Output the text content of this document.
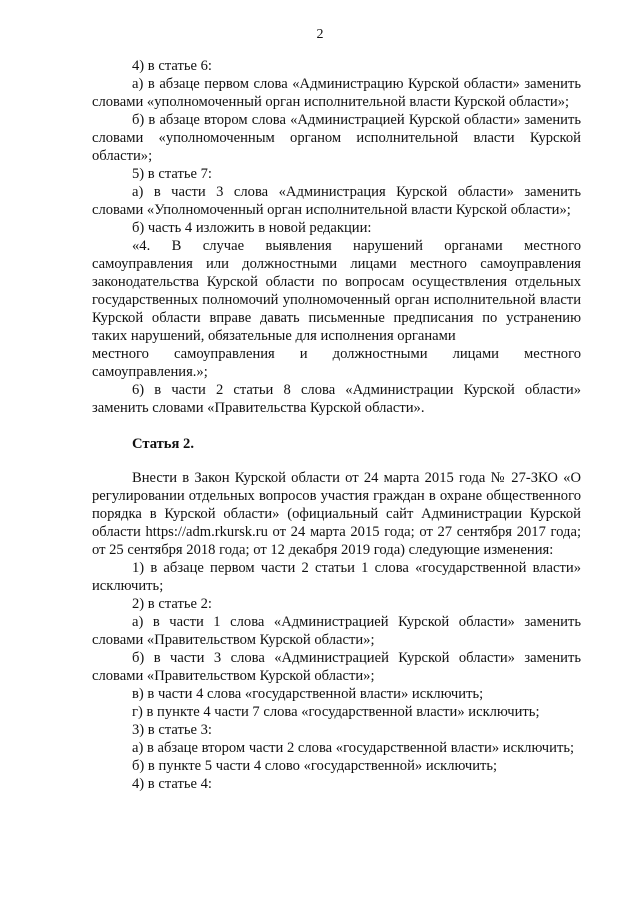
2

4) в статье 6:

а) в абзаце первом слова «Администрацию Курской области» заменить словами «уполномоченный орган исполнительной власти Курской области»;

б) в абзаце втором слова «Администрацией Курской области» заменить словами «уполномоченным органом исполнительной власти Курской области»;

5) в статье 7:

а) в части 3 слова «Администрация Курской области» заменить словами «Уполномоченный орган исполнительной власти Курской области»;

б) часть 4 изложить в новой редакции:

«4. В случае выявления нарушений органами местного

самоуправления или должностными лицами местного самоуправления законодательства Курской области по вопросам осуществления отдельных государственных полномочий уполномоченный орган исполнительной власти Курской области вправе давать письменные предписания по устранению таких нарушений, обязательные для исполнения органами

местного самоуправления и должностными лицами местного

самоуправления.»;

6) в части 2 статьи 8 слова «Администрации Курской области» заменить словами «Правительства Курской области».

Статья 2.

Внести в Закон Курской области от 24 марта 2015 года № 27-ЗКО «О регулировании отдельных вопросов участия граждан в охране общественного порядка в Курской области» (официальный сайт Администрации Курской области https://adm.rkursk.ru от 24 марта 2015 года; от 27 сентября 2017 года; от 25 сентября 2018 года; от 12 декабря 2019 года) следующие изменения:

1) в абзаце первом части 2 статьи 1 слова «государственной власти» исключить;

2) в статье 2:

а) в части 1 слова «Администрацией Курской области» заменить словами «Правительством Курской области»;

б) в части 3 слова «Администрацией Курской области» заменить словами «Правительством Курской области»;

в) в части 4 слова «государственной власти» исключить;

г) в пункте 4 части 7 слова «государственной власти» исключить;

3) в статье 3:

а) в абзаце втором части 2 слова «государственной власти» исключить;

б) в пункте 5 части 4 слово «государственной» исключить;

4) в статье 4:
